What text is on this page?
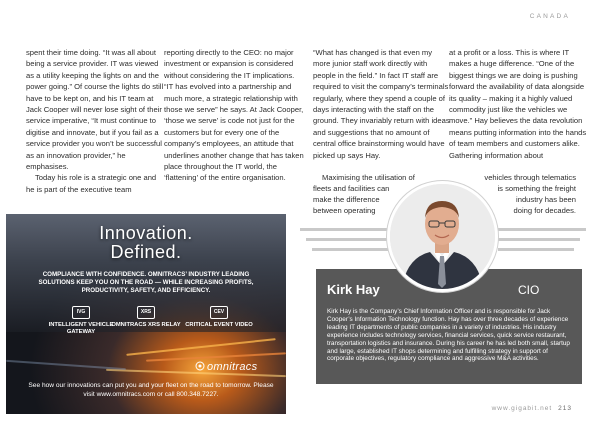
CANADA

spent their time doing. “It was all about being a service provider. IT was viewed as a utility keeping the lights on and the power going.” Of course the lights do still have to be kept on, and his IT team at Jack Cooper will never lose sight of their service imperative, “It must continue to digitise and innovate, but if you fail as a service provider you won’t be successful as an innovation provider,” he emphasises.

Today his role is a strategic one and he is part of the executive team

reporting directly to the CEO: no major investment or expansion is considered without considering the IT implications. “IT has evolved into a partnership and much more, a strategic relationship with those we serve” he says. At Jack Cooper, ‘those we serve’ is code not just for the customers but for every one of the company’s employees, an attitude that underlines another change that has taken place throughout the IT world, the ‘flattening’ of the entire organisation.

“What has changed is that even my more junior staff work directly with people in the field.” In fact IT staff are required to visit the company’s terminals regularly, where they spend a couple of days interacting with the staff on the ground. They invariably return with ideas and suggestions that no amount of central office brainstorming would have picked up says Hay.

Maximising the utilisation of
fleets and facilities can
make the difference
between operating

at a profit or a loss. This is where IT makes a huge difference. “One of the biggest things we are doing is pushing forward the availability of data alongside its quality – making it a highly valued commodity just like the vehicles we move.” Hay believes the data revolution means putting information into the hands of team members and customers alike. Gathering information about

vehicles through telematics
is something the freight
industry has been
doing for decades.
Innovation.
Defined.
COMPLIANCE WITH CONFIDENCE. OMNITRACS’ INDUSTRY LEADING SOLUTIONS KEEP YOU ON THE ROAD — WHILE INCREASING PROFITS, PRODUCTIVITY, SAFETY, AND EFFICIENCY.
IVG
INTELLIGENT VEHICLE GATEWAY
XRS
OMNITRACS XRS RELAY
CEV
CRITICAL EVENT VIDEO
omnitracs
See how our innovations can put you and your fleet on the road to tomorrow. Please visit www.omnitracs.com or call 800.348.7227.
Kirk Hay	CIO
Kirk Hay is the Company’s Chief Information Officer and is responsible for Jack Cooper’s Information Technology function. Hay has over three decades of experience leading IT departments of public companies in a variety of industries. His industry experience includes technology services, financial services, quick service restaurant, transportation logistics and insurance. During his career he has led both small, startup and large, established IT shops determining and fulfilling strategy in support of corporate objectives, regulatory compliance and aggressive M&A activities.
www.gigabit.net 213
